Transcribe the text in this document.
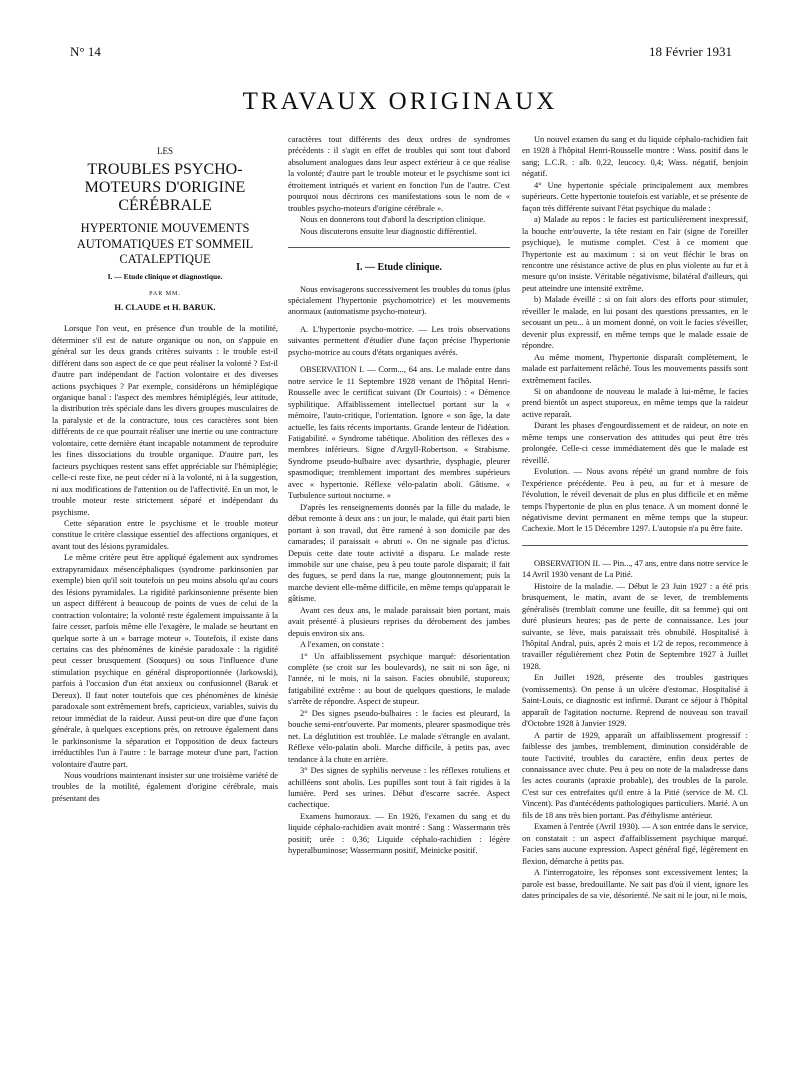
N° 14	18 Février 1931
TRAVAUX ORIGINAUX
LES
TROUBLES PSYCHO-MOTEURS D'ORIGINE CÉRÉBRALE
HYPERTONIE MOUVEMENTS AUTOMATIQUES ET SOMMEIL CATALEPTIQUE
I. — Etude clinique et diagnostique.
PAR MM.
H. CLAUDE et H. BARUK.

Lorsque l'on veut, en présence d'un trouble de la motilité, déterminer s'il est de nature organique ou non, on s'appuie en général sur les deux grands critères suivants : le trouble est-il différent dans son aspect de ce que peut réaliser la volonté ? Est-il d'autre part indépendant de l'action volontaire et des diverses actions psychiques ? Par exemple, considérons un hémiplégique organique banal : l'aspect des membres hémiplégiés, leur attitude, la distribution très spéciale dans les divers groupes musculaires de la paralysie et de la contracture, tous ces caractères sont bien différents de ce que pourrait réaliser une inertie ou une contracture volontaire, cette dernière étant incapable notamment de reproduire les fines dissociations du trouble organique. D'autre part, les facteurs psychiques restent sans effet appréciable sur l'hémiplégie; celle-ci reste fixe, ne peut céder ni à la volonté, ni à la suggestion, ni aux modifications de l'attention ou de l'affectivité. En un mot, le trouble moteur reste strictement séparé et indépendant du psychisme.

Cette séparation entre le psychisme et le trouble moteur constitue le critère classique essentiel des affections organiques, et avant tout des lésions pyramidales.

Le même critère peut être appliqué également aux syndromes extrapyramidaux mésencéphaliques (syndrome parkinsonien par exemple) bien qu'il soit toutefois un peu moins absolu qu'au cours des lésions pyramidales. La rigidité parkinsonienne présente bien un aspect différent à beaucoup de points de vues de celui de la contraction volontaire; la volonté reste également impuissante à la faire cesser, parfois même elle l'exagère, le malade se heurtant en quelque sorte à un « barrage moteur ». Toutefois, il existe dans certains cas des phénomènes de kinésie paradoxale : la rigidité peut cesser brusquement (Souques) ou sous l'influence d'une stimulation psychique en général disproportionnée (Jarkowski), parfois à l'occasion d'un état anxieux ou confusionnel (Baruk et Dereux). Il faut noter toutefois que ces phénomènes de kinésie paradoxale sont extrêmement brefs, capricieux, variables, suivis du retour immédiat de la raideur. Aussi peut-on dire que d'une façon générale, à quelques exceptions près, on retrouve également dans le parkinsonisme la séparation et l'opposition de deux facteurs irréductibles l'un à l'autre : le barrage moteur d'une part, l'action volontaire d'autre part.

Nous voudrions maintenant insister sur une troisième variété de troubles de la motilité, également d'origine cérébrale, mais présentant des

caractères tout différents des deux ordres de syndromes précédents : il s'agit en effet de troubles qui sont tout d'abord absolument analogues dans leur aspect extérieur à ce que réalise la volonté; d'autre part le trouble moteur et le psychisme sont ici étroitement intriqués et varient en fonction l'un de l'autre. C'est pourquoi nous décrirons ces manifestations sous le nom de « troubles psycho-moteurs d'origine cérébrale ».

Nous en donnerons tout d'abord la description clinique.

Nous discuterons ensuite leur diagnostic différentiel.

I. — Etude clinique.

Nous envisagerons successivement les troubles du tonus (plus spécialement l'hypertonie psychomotrice) et les mouvements anormaux (automatisme psycho-moteur).

A. L'hypertonie psycho-motrice. — Les trois observations suivantes permettent d'étudier d'une façon précise l'hypertonie psycho-motrice au cours d'états organiques avérés.

OBSERVATION I. — Corm..., 64 ans. Le malade entre dans notre service le 11 Septembre 1928 venant de l'hôpital Henri-Rousselle avec le certificat suivant (Dr Courtois) : « Démence syphilitique. Affaiblissement intellectuel portant sur la « mémoire, l'auto-critique, l'orientation. Ignore « son âge, la date actuelle, les faits récents importants. Grande lenteur de l'idéation. Fatigabilité. « Syndrome tabétique. Abolition des réflexes des « membres inférieurs. Signe d'Argyll-Robertson. « Strabisme. Syndrome pseudo-bulbaire avec dysarthrie, dysphagie, pleurer spasmodique; tremblement important des membres supérieurs avec « hypertonie. Réflexe vélo-palatin aboli. Gâtisme. « Turbulence surtout nocturne. »

D'après les renseignements donnés par la fille du malade, le début remonte à deux ans : un jour, le malade, qui était parti bien portant à son travail, dut être ramené à son domicile par des camarades; il paraissait « abruti ». On ne signale pas d'ictus. Depuis cette date toute activité a disparu. Le malade reste immobile sur une chaise, peu à peu toute parole disparait; il fait des fugues, se perd dans la rue, mange gloutonnement; puis la marche devient elle-même difficile, en même temps qu'apparait le gâtisme.

Avant ces deux ans, le malade paraissait bien portant, mais avait présenté à plusieurs reprises du dérobement des jambes depuis environ six ans.

A l'examen, on constate :

1° Un affaiblissement psychique marqué: désorientation complète (se croit sur les boulevards), ne sait ni son âge, ni l'année, ni le mois, ni la saison. Facies obnubilé, stuporeux; fatigabilité extrême : au bout de quelques questions, le malade s'arrête de répondre. Aspect de stupeur.

2° Des signes pseudo-bulbaires : le facies est pleurard, la bouche semi-entr'ouverte. Par moments, pleurer spasmodique très net. La déglutition est troublée. Le malade s'étrangle en avalant. Réflexe vélo-palatin aboli. Marche difficile, à petits pas, avec tendance à la chute en arrière.

3° Des signes de syphilis nerveuse : les réflexes rotuliens et achilléens sont abolis. Les pupilles sont tout à fait rigides à la lumière. Perd ses urines. Début d'escarre sacrée. Aspect cachectique.

Examens humoraux. — En 1926, l'examen du sang et du liquide céphalo-rachidien avait montré : Sang : Wassermann très positif; urée : 0,36; Liquide céphalo-rachidien : légère hyperalbuminose; Wassermann positif, Meinicke positif.

Un nouvel examen du sang et du liquide céphalo-rachidien fait en 1928 à l'hôpital Henri-Rousselle montre : Wass. positif dans le sang; L.C.R. : alb. 0,22, leucocy. 0,4; Wass. négatif, benjoin négatif.

4° Une hypertonie spéciale principalement aux membres supérieurs. Cette hypertonie toutefois est variable, et se présente de façon très différente suivant l'état psychique du malade :

a) Malade au repos : le facies est particulièrement inexpressif, la bouche entr'ouverte, la tête restant en l'air (signe de l'oreiller psychique), le mutisme complet. C'est à ce moment que l'hypertonie est au maximum : si on veut fléchir le bras on rencontre une résistance active de plus en plus violente au fur et à mesure qu'on insiste. Véritable négativisme, bilatéral d'ailleurs, qui peut atteindre une intensité extrême.

b) Malade éveillé : si on fait alors des efforts pour stimuler, réveiller le malade, en lui posant des questions pressantes, en le secouant un peu... à un moment donné, on voit le facies s'éveiller, devenir plus expressif, en même temps que le malade essaie de répondre.

Au même moment, l'hypertonie disparaît complètement, le malade est parfaitement relâché. Tous les mouvements passifs sont extrêmement faciles.

Si on abandonne de nouveau le malade à lui-même, le facies prend bientôt un aspect stuporeux, en même temps que la raideur active reparaît.

Durant les phases d'engourdissement et de raideur, on note en même temps une conservation des attitudes qui peut être très prolongée. Celle-ci cesse immédiatement dès que le malade est réveillé.

Evolution. — Nous avons répété un grand nombre de fois l'expérience précédente. Peu à peu, au fur et à mesure de l'évolution, le réveil devenait de plus en plus difficile et en même temps l'hypertonie de plus en plus tenace. A un moment donné le négativisme devint permanent en même temps que la stupeur. Cachexie. Mort le 15 Décembre 1297. L'autopsie n'a pu être faite.

OBSERVATION II. — Pin..., 47 ans, entre dans notre service le 14 Avril 1930 venant de La Pitié.

Histoire de la maladie. — Début le 23 Juin 1927 : a été pris brusquement, le matin, avant de se lever, de tremblements généralisés (tremblait comme une feuille, dit sa femme) qui ont duré plusieurs heures; pas de perte de connaissance. Les jour suivante, se lève, mais paraissait très obnubilé. Hospitalisé à l'hôpital Andral, puis, après 2 mois et 1/2 de repos, recommence à travailler régulièrement chez Potin de Septembre 1927 à Juillet 1928.

En Juillet 1928, présente des troubles gastriques (vomissements). On pense à un ulcère d'estomac. Hospitalisé à Saint-Louis, ce diagnostic est infirmé. Durant ce séjour à l'hôpital apparaît de l'agitation nocturne. Reprend de nouveau son travail d'Octobre 1928 à Janvier 1929.

A partir de 1929, apparaît un affaiblissement progressif : faiblesse des jambes, tremblement, diminution considérable de toute l'activité, troubles du caractère, enfin deux pertes de connaissance avec chute. Peu à peu on note de la maladresse dans les actes courants (apraxie probable), des troubles de la parole. C'est sur ces entrefaites qu'il entre à la Pitié (service de M. Cl. Vincent). Pas d'antécédents pathologiques particuliers. Marié. A un fils de 18 ans très bien portant. Pas d'éthylisme antérieur.

Examen à l'entrée (Avril 1930). — A son entrée dans le service, on constatait : un aspect d'affaiblissement psychique marqué. Facies sans aucune expression. Aspect général figé, légèrement en flexion, démarche à petits pas.

A l'interrogatoire, les réponses sont excessivement lentes; la parole est basse, bredouillante. Ne sait pas d'où il vient, ignore les dates principales de sa vie, désorienté. Ne sait ni le jour, ni le mois,
